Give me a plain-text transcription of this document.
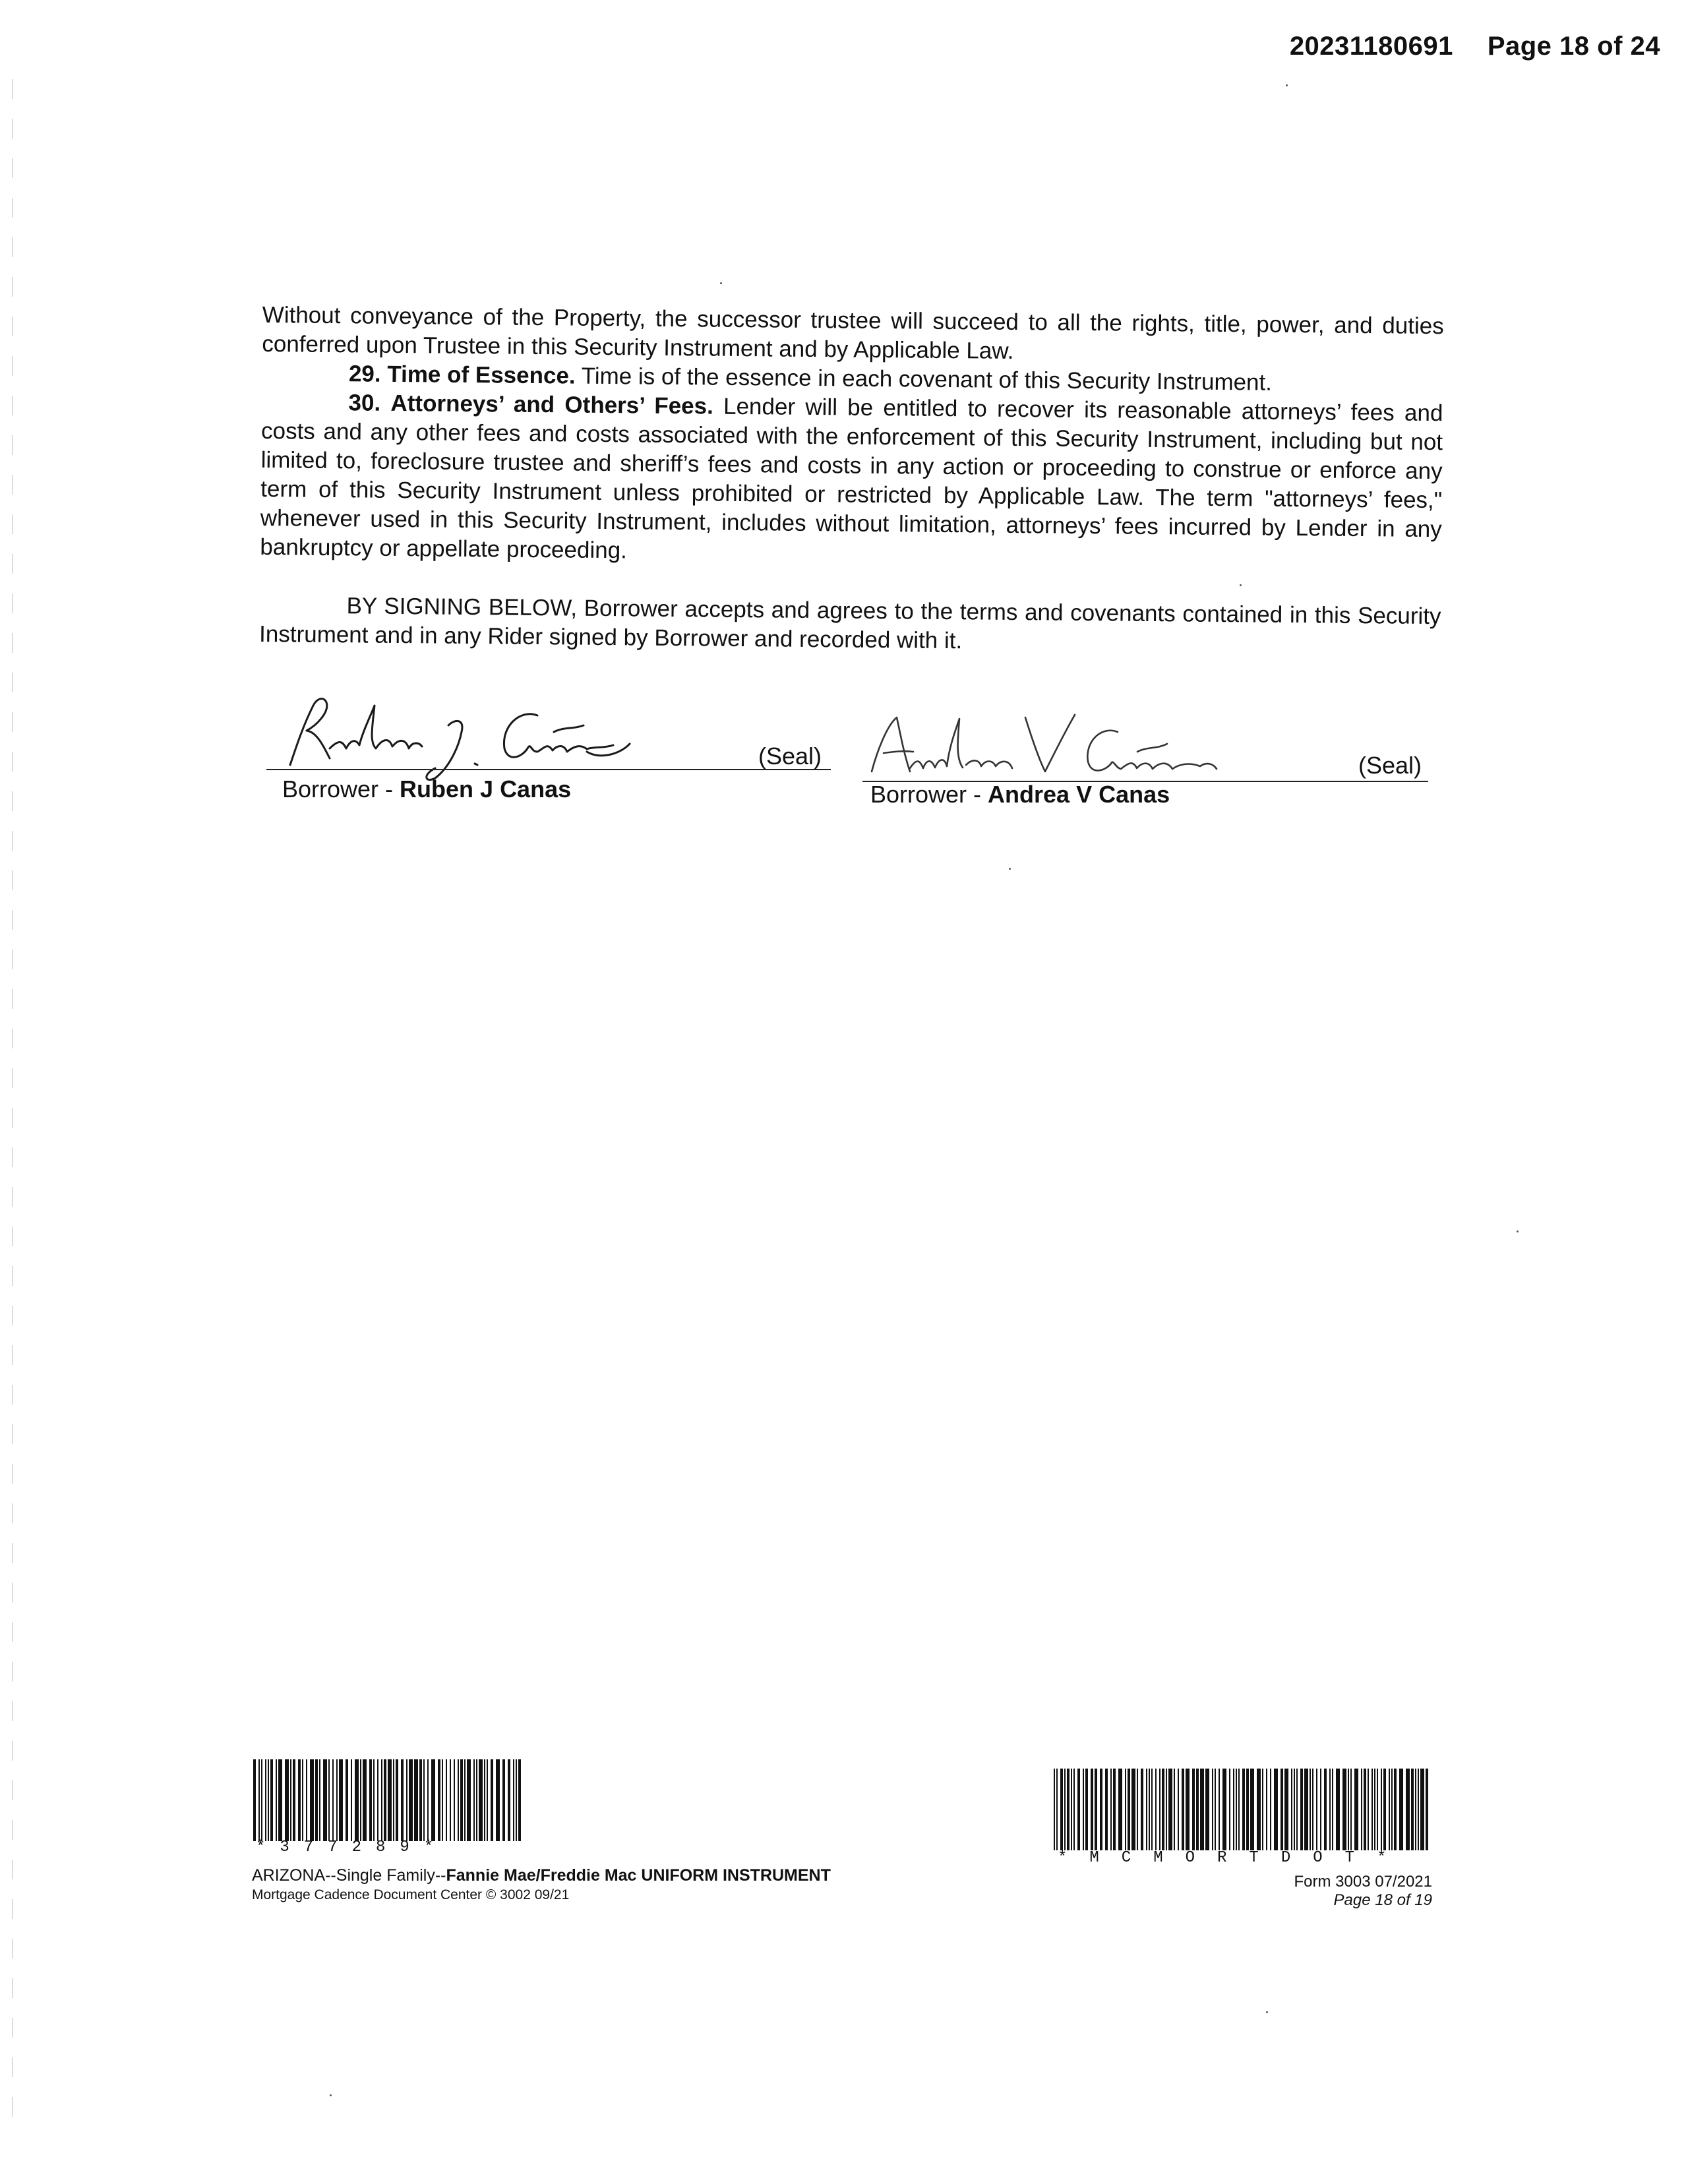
20231180691 Page 18 of 24

Without conveyance of the Property, the successor trustee will succeed to all the rights, title, power, and duties conferred upon Trustee in this Security Instrument and by Applicable Law.

29. Time of Essence. Time is of the essence in each covenant of this Security Instrument.

30. Attorneys’ and Others’ Fees. Lender will be entitled to recover its reasonable attorneys’ fees and costs and any other fees and costs associated with the enforcement of this Security Instrument, including but not limited to, foreclosure trustee and sheriff’s fees and costs in any action or proceeding to construe or enforce any term of this Security Instrument unless prohibited or restricted by Applicable Law. The term "attorneys’ fees," whenever used in this Security Instrument, includes without limitation, attorneys’ fees incurred by Lender in any bankruptcy or appellate proceeding.

BY SIGNING BELOW, Borrower accepts and agrees to the terms and covenants contained in this Security Instrument and in any Rider signed by Borrower and recorded with it.

(Seal)
Borrower - Ruben J Canas
(Seal)
Borrower - Andrea V Canas
*377289*
ARIZONA--Single Family--Fannie Mae/Freddie Mac UNIFORM INSTRUMENT
Mortgage Cadence Document Center © 3002 09/21
*MCMORTDOT*
Form 3003 07/2021
Page 18 of 19
